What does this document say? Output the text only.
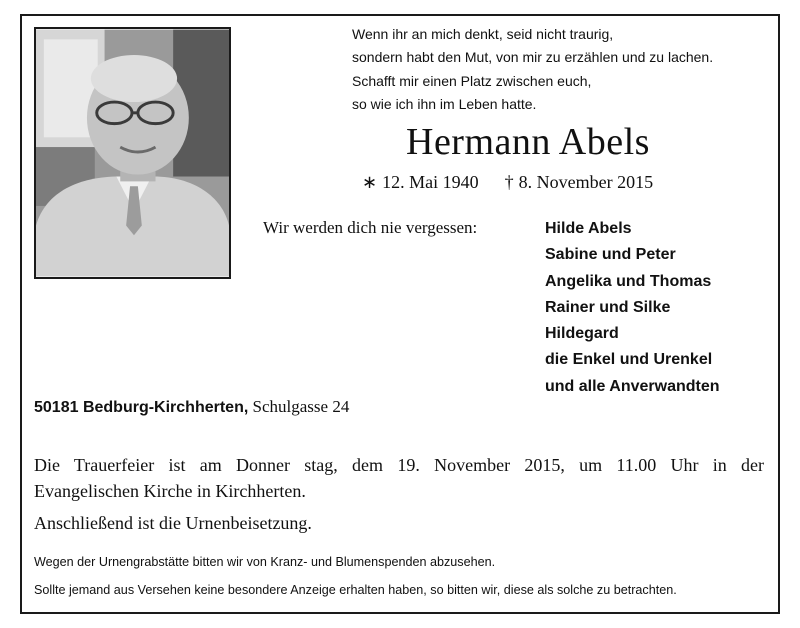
Wenn ihr an mich denkt, seid nicht traurig,
sondern habt den Mut, von mir zu erzählen und zu lachen.
Schafft mir einen Platz zwischen euch,
so wie ich ihn im Leben hatte.
Hermann Abels
∗ 12. Mai 1940 † 8. November 2015
Wir werden dich nie vergessen:	Hilde Abels
Sabine und Peter
Angelika und Thomas
Rainer und Silke
Hildegard
die Enkel und Urenkel
und alle Anverwandten
50181 Bedburg-Kirchherten, Schulgasse 24
Die Trauerfeier ist am Donner stag, dem 19. November 2015, um 11.00 Uhr in der
Evangelischen Kirche in Kirchherten.
Anschließend ist die Urnenbeisetzung.
Wegen der Urnengrabstätte bitten wir von Kranz- und Blumenspenden abzusehen.
Sollte jemand aus Versehen keine besondere Anzeige erhalten haben, so bitten wir, diese als solche zu betrachten.
